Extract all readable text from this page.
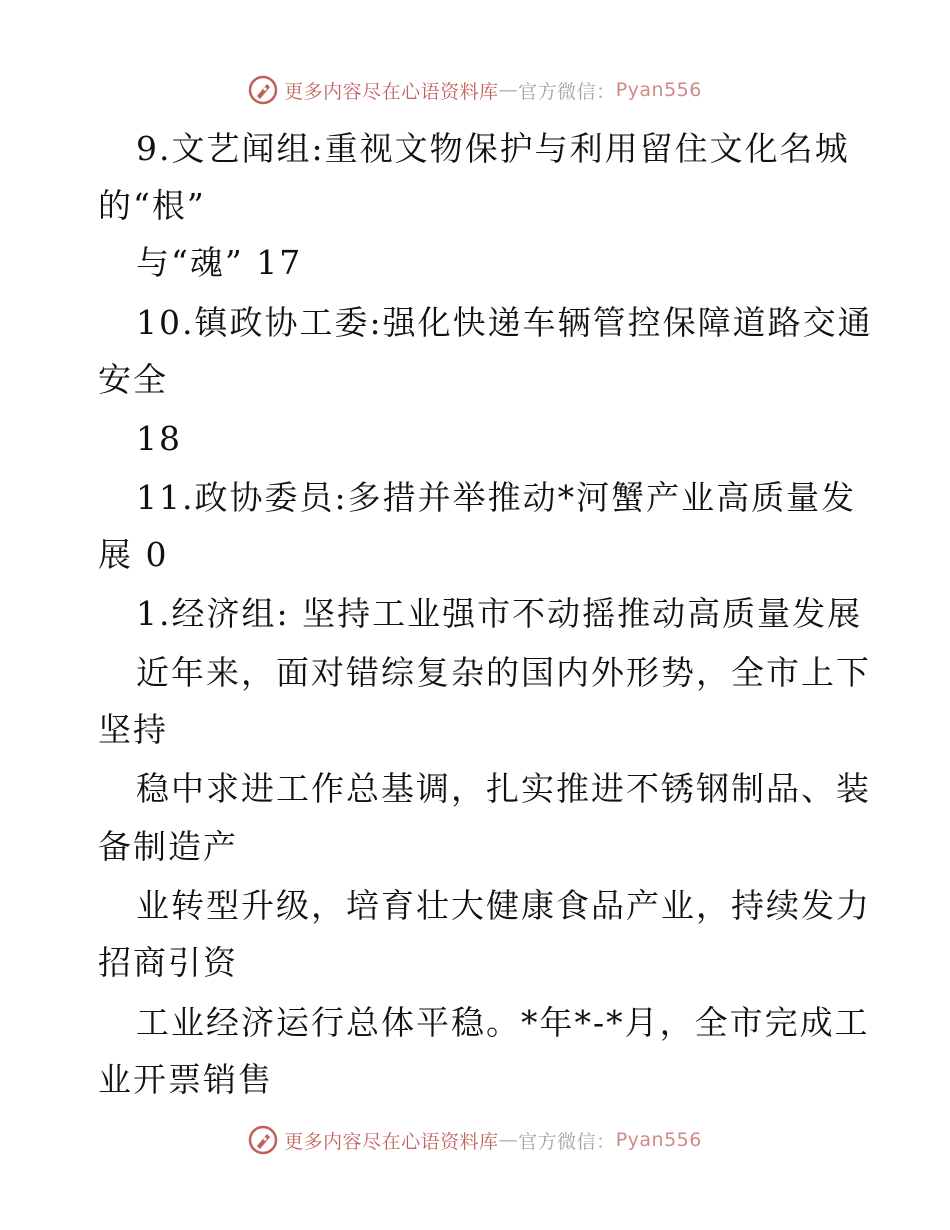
更多内容尽在心语资料库 — 官方微信： Pyan556
9.文艺闻组:重视文物保护与利用留住文化名城
的“根”
与“魂” 17
10.镇政协工委:强化快递车辆管控保障道路交通
安全
18
11.政协委员:多措并举推动*河蟹产业高质量发
展 0
1.经济组: 坚持工业强市不动摇推动高质量发展
近年来，面对错综复杂的国内外形势，全市上下
坚持
稳中求进工作总基调，扎实推进不锈钢制品、装
备制造产
业转型升级，培育壮大健康食品产业，持续发力
招商引资
工业经济运行总体平稳。*年*-*月，全市完成工
业开票销售
更多内容尽在心语资料库 — 官方微信： Pyan556
